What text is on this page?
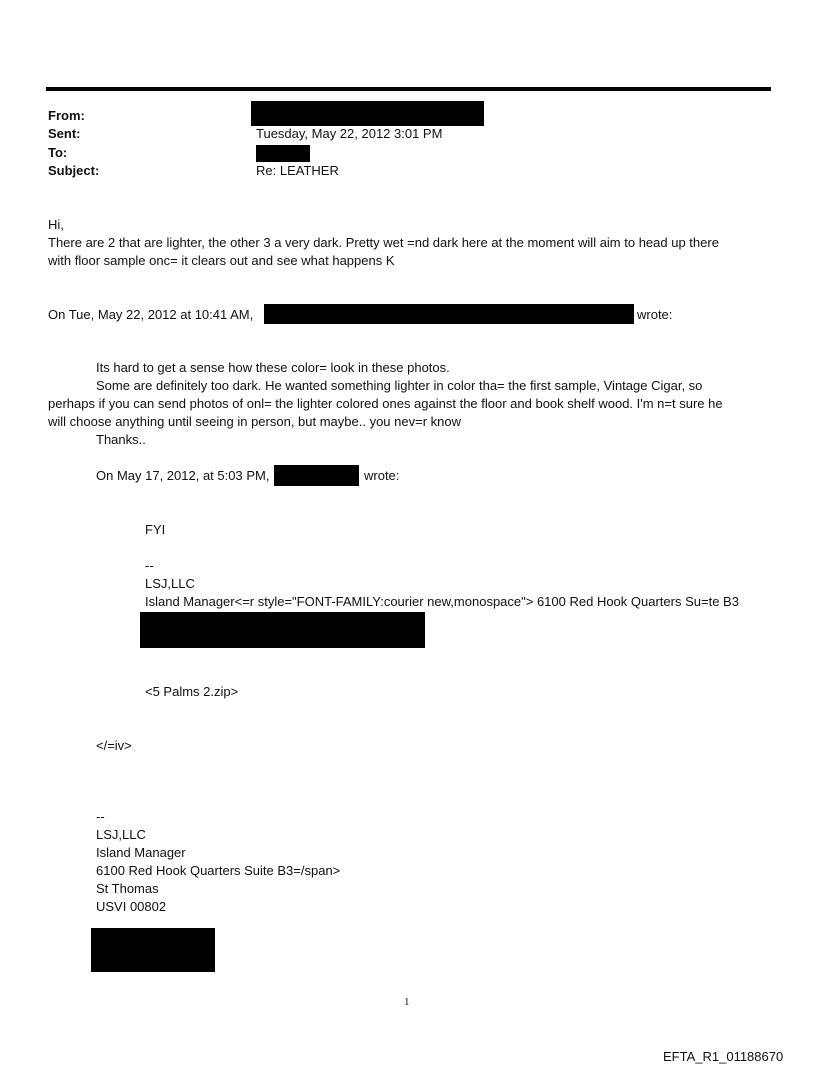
From:
Sent:	Tuesday, May 22, 2012 3:01 PM
To:
Subject:	Re: LEATHER
Hi,
There are 2 that are lighter, the other 3 a very dark. Pretty wet =nd dark here at the moment will aim to head up there
with floor sample onc= it clears out and see what happens K
On Tue, May 22, 2012 at 10:41 AM,	wrote:
Its hard to get a sense how these color= look in these photos.
Some are definitely too dark. He wanted something lighter in color tha= the first sample, Vintage Cigar, so
perhaps if you can send photos of onl= the lighter colored ones against the floor and book shelf wood. I'm n=t sure he
will choose anything until seeing in person, but maybe.. you nev=r know
Thanks..
On May 17, 2012, at 5:03 PM,	wrote:
FYI
--
LSJ,LLC
Island Manager<=r style="FONT-FAMILY:courier new,monospace"> 6100 Red Hook Quarters Su=te B3
<5 Palms 2.zip>
</=iv>
--
LSJ,LLC
Island Manager
6100 Red Hook Quarters Suite B3=/span>
St Thomas
USVI 00802
1
EFTA_R1_01188670
